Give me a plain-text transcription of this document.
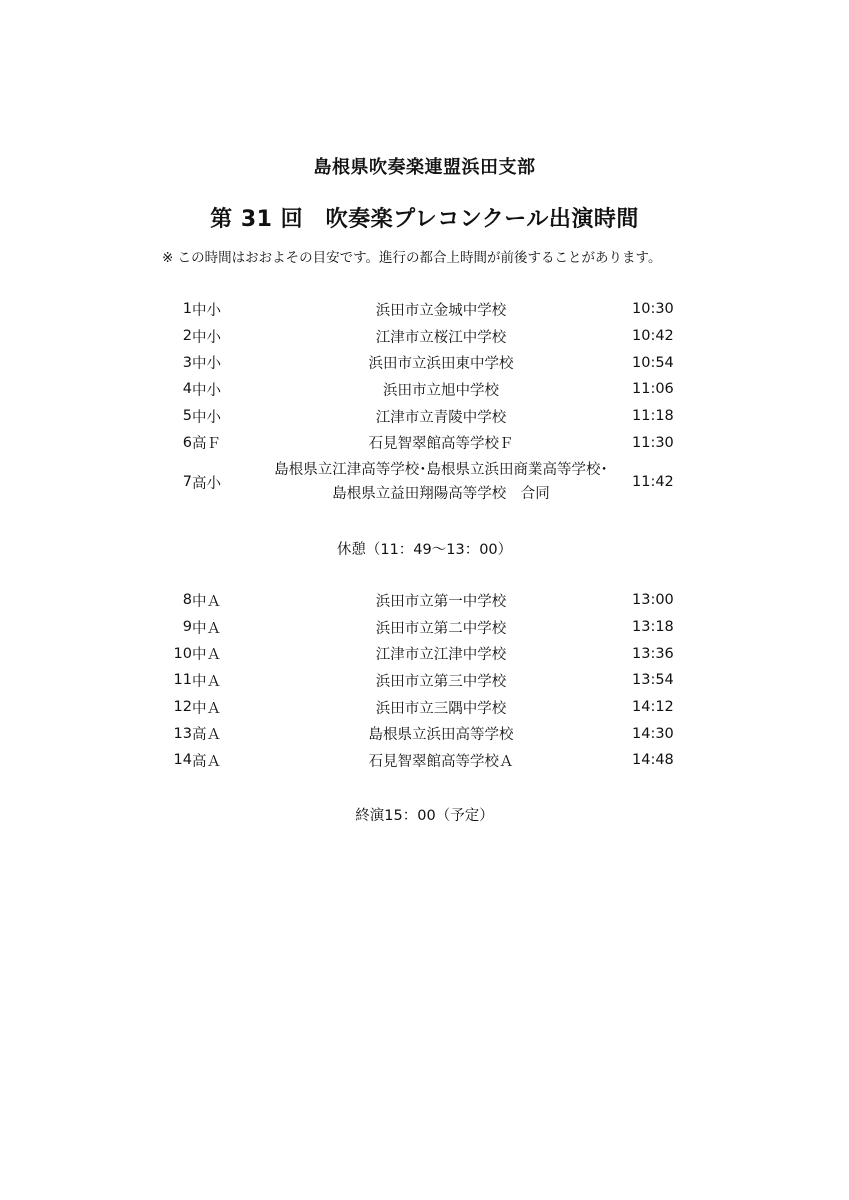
島根県吹奏楽連盟浜田支部
第 31 回　吹奏楽プレコンクール出演時間
※ この時間はおおよその目安です。進行の都合上時間が前後することがあります。
1	中小	浜田市立金城中学校	10:30
2	中小	江津市立桜江中学校	10:42
3	中小	浜田市立浜田東中学校	10:54
4	中小	浜田市立旭中学校	11:06
5	中小	江津市立青陵中学校	11:18
6	高Ｆ	石見智翠館高等学校Ｆ	11:30
7	高小	島根県立江津高等学校･島根県立浜田商業高等学校･
島根県立益田翔陽高等学校　合同	11:42
休憩（11：49〜13：00）
8	中Ａ	浜田市立第一中学校	13:00
9	中Ａ	浜田市立第二中学校	13:18
10	中Ａ	江津市立江津中学校	13:36
11	中Ａ	浜田市立第三中学校	13:54
12	中Ａ	浜田市立三隅中学校	14:12
13	高Ａ	島根県立浜田高等学校	14:30
14	高Ａ	石見智翠館高等学校Ａ	14:48
終演15：00（予定）
